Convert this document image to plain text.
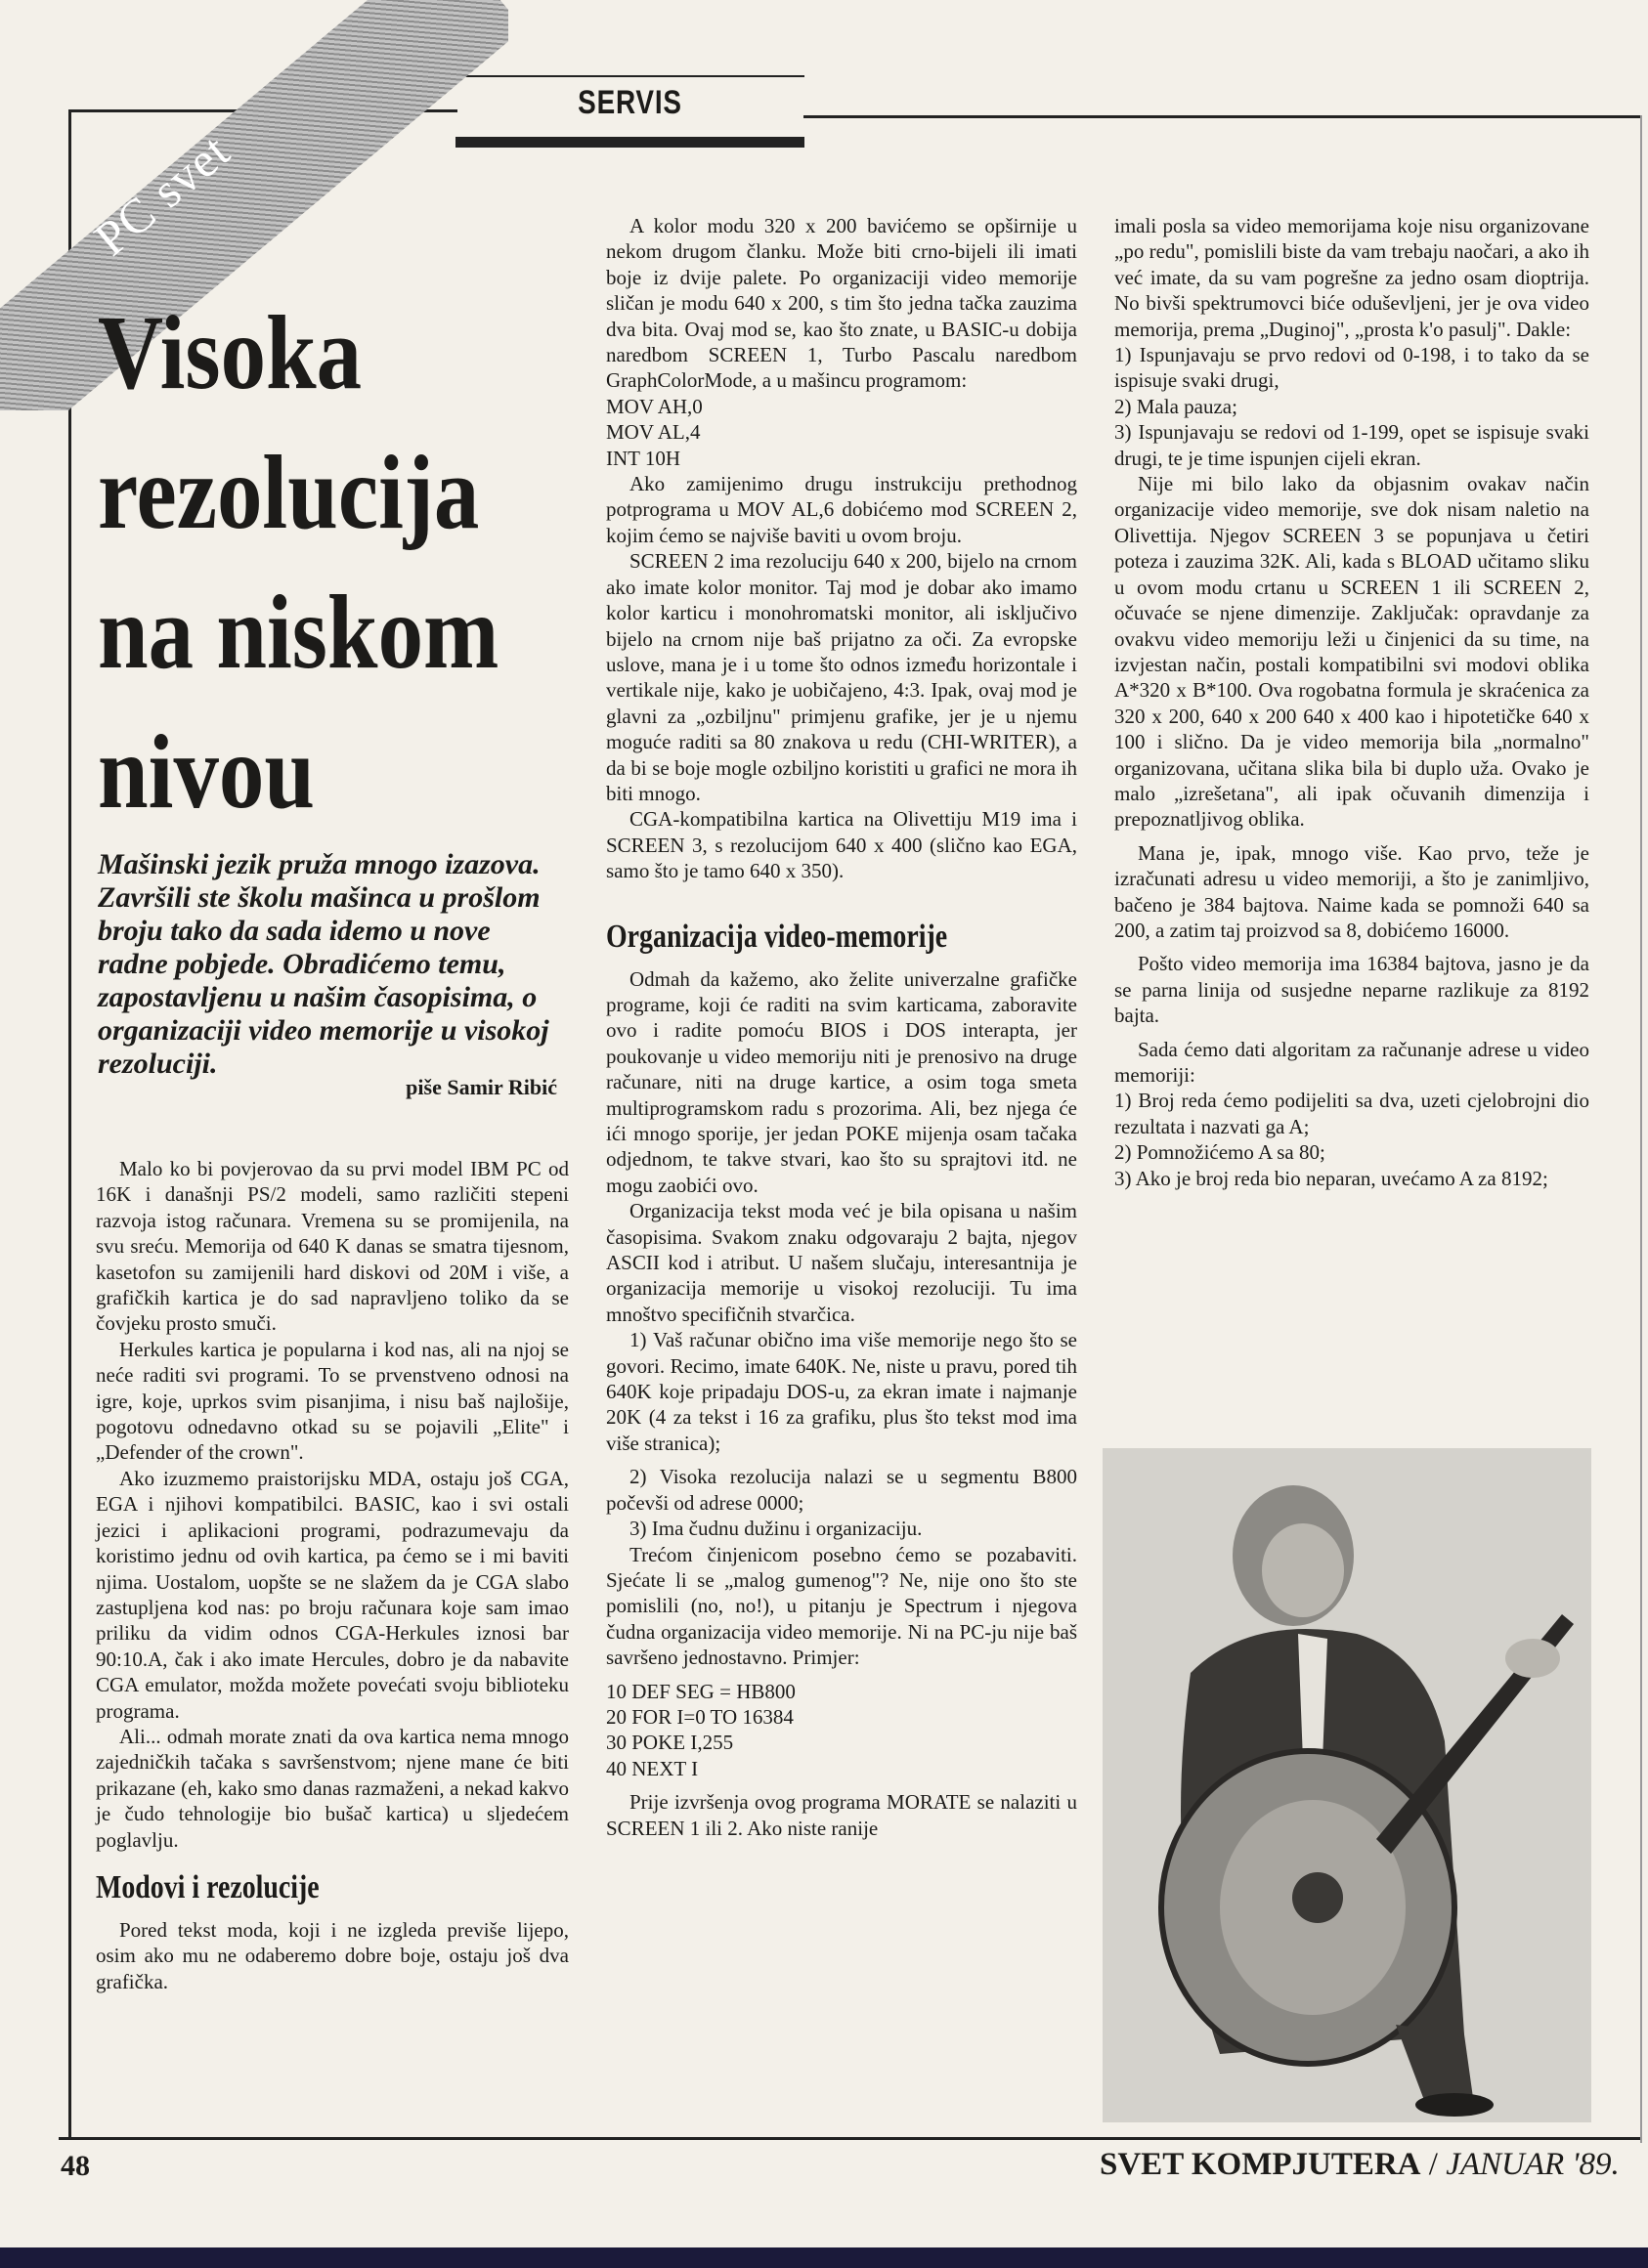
SERVIS
PC svet
Visoka
rezolucija
na niskom
nivou
Mašinski jezik pruža mnogo izazova. Završili ste školu mašinca u prošlom broju tako da sada idemo u nove radne pobjede. Obradićemo temu, zapostavljenu u našim časopisima, o organizaciji video memorije u visokoj rezoluciji.
piše Samir Ribić

Malo ko bi povjerovao da su prvi model IBM PC od 16K i današnji PS/2 modeli, samo različiti stepeni razvoja istog računara. Vremena su se promijenila, na svu sreću. Memorija od 640 K danas se smatra tijesnom, kasetofon su zamijenili hard diskovi od 20M i više, a grafičkih kartica je do sad napravljeno toliko da se čovjeku prosto smuči.

Herkules kartica je popularna i kod nas, ali na njoj se neće raditi svi programi. To se prvenstveno odnosi na igre, koje, uprkos svim pisanjima, i nisu baš najlošije, pogotovu odnedavno otkad su se pojavili „Elite" i „Defender of the crown".

Ako izuzmemo praistorijsku MDA, ostaju još CGA, EGA i njihovi kompatibilci. BASIC, kao i svi ostali jezici i aplikacioni programi, podrazumevaju da koristimo jednu od ovih kartica, pa ćemo se i mi baviti njima. Uostalom, uopšte se ne slažem da je CGA slabo zastupljena kod nas: po broju računara koje sam imao priliku da vidim odnos CGA-Herkules iznosi bar 90:10.A, čak i ako imate Hercules, dobro je da nabavite CGA emulator, možda možete povećati svoju biblioteku programa.

Ali... odmah morate znati da ova kartica nema mnogo zajedničkih tačaka s savršenstvom; njene mane će biti prikazane (eh, kako smo danas razmaženi, a nekad kakvo je čudo tehnologije bio bušač kartica) u sljedećem poglavlju.

Modovi i rezolucije

Pored tekst moda, koji i ne izgleda previše lijepo, osim ako mu ne odaberemo dobre boje, ostaju još dva grafička.

A kolor modu 320 x 200 bavićemo se opširnije u nekom drugom članku. Može biti crno-bijeli ili imati boje iz dvije palete. Po organizaciji video memorije sličan je modu 640 x 200, s tim što jedna tačka zauzima dva bita. Ovaj mod se, kao što znate, u BASIC-u dobija naredbom SCREEN 1, Turbo Pascalu naredbom GraphColorMode, a u mašincu programom:

MOV AH,0

MOV AL,4

INT 10H

Ako zamijenimo drugu instrukciju prethodnog potprograma u MOV AL,6 dobićemo mod SCREEN 2, kojim ćemo se najviše baviti u ovom broju.

SCREEN 2 ima rezoluciju 640 x 200, bijelo na crnom ako imate kolor monitor. Taj mod je dobar ako imamo kolor karticu i monohromatski monitor, ali isključivo bijelo na crnom nije baš prijatno za oči. Za evropske uslove, mana je i u tome što odnos između horizontale i vertikale nije, kako je uobičajeno, 4:3. Ipak, ovaj mod je glavni za „ozbiljnu" primjenu grafike, jer je u njemu moguće raditi sa 80 znakova u redu (CHI-WRITER), a da bi se boje mogle ozbiljno koristiti u grafici ne mora ih biti mnogo.

CGA-kompatibilna kartica na Olivettiju M19 ima i SCREEN 3, s rezolucijom 640 x 400 (slično kao EGA, samo što je tamo 640 x 350).

Organizacija video-memorije

Odmah da kažemo, ako želite univerzalne grafičke programe, koji će raditi na svim karticama, zaboravite ovo i radite pomoću BIOS i DOS interapta, jer poukovanje u video memoriju niti je prenosivo na druge računare, niti na druge kartice, a osim toga smeta multiprogramskom radu s prozorima. Ali, bez njega će ići mnogo sporije, jer jedan POKE mijenja osam tačaka odjednom, te takve stvari, kao što su sprajtovi itd. ne mogu zaobići ovo.

Organizacija tekst moda već je bila opisana u našim časopisima. Svakom znaku odgovaraju 2 bajta, njegov ASCII kod i atribut. U našem slučaju, interesantnija je organizacija memorije u visokoj rezoluciji. Tu ima mnoštvo specifičnih stvarčica.

1) Vaš računar obično ima više memorije nego što se govori. Recimo, imate 640K. Ne, niste u pravu, pored tih 640K koje pripadaju DOS-u, za ekran imate i najmanje 20K (4 za tekst i 16 za grafiku, plus što tekst mod ima više stranica);

2) Visoka rezolucija nalazi se u segmentu B800 počevši od adrese 0000;

3) Ima čudnu dužinu i organizaciju.

Trećom činjenicom posebno ćemo se pozabaviti. Sjećate li se „malog gumenog"? Ne, nije ono što ste pomislili (no, no!), u pitanju je Spectrum i njegova čudna organizacija video memorije. Ni na PC-ju nije baš savršeno jednostavno. Primjer:

10 DEF SEG = HB800

20 FOR I=0 TO 16384

30 POKE I,255

40 NEXT I

Prije izvršenja ovog programa MORATE se nalaziti u SCREEN 1 ili 2. Ako niste ranije

imali posla sa video memorijama koje nisu organizovane „po redu", pomislili biste da vam trebaju naočari, a ako ih već imate, da su vam pogrešne za jedno osam dioptrija. No bivši spektrumovci biće oduševljeni, jer je ova video memorija, prema „Duginoj", „prosta k'o pasulj". Dakle:

1) Ispunjavaju se prvo redovi od 0-198, i to tako da se ispisuje svaki drugi,

2) Mala pauza;

3) Ispunjavaju se redovi od 1-199, opet se ispisuje svaki drugi, te je time ispunjen cijeli ekran.

Nije mi bilo lako da objasnim ovakav način organizacije video memorije, sve dok nisam naletio na Olivettija. Njegov SCREEN 3 se popunjava u četiri poteza i zauzima 32K. Ali, kada s BLOAD učitamo sliku u ovom modu crtanu u SCREEN 1 ili SCREEN 2, očuvaće se njene dimenzije. Zaključak: opravdanje za ovakvu video memoriju leži u činjenici da su time, na izvjestan način, postali kompatibilni svi modovi oblika A*320 x B*100. Ova rogobatna formula je skraćenica za 320 x 200, 640 x 200 640 x 400 kao i hipotetičke 640 x 100 i slično. Da je video memorija bila „normalno" organizovana, učitana slika bila bi duplo uža. Ovako je malo „izrešetana", ali ipak očuvanih dimenzija i prepoznatljivog oblika.

Mana je, ipak, mnogo više. Kao prvo, teže je izračunati adresu u video memoriji, a što je zanimljivo, bačeno je 384 bajtova. Naime kada se pomnoži 640 sa 200, a zatim taj proizvod sa 8, dobićemo 16000.

Pošto video memorija ima 16384 bajtova, jasno je da se parna linija od susjedne neparne razlikuje za 8192 bajta.

Sada ćemo dati algoritam za računanje adrese u video memoriji:

1) Broj reda ćemo podijeliti sa dva, uzeti cjelobrojni dio rezultata i nazvati ga A;

2) Pomnožićemo A sa 80;

3) Ako je broj reda bio neparan, uvećamo A za 8192;

48	SVET KOMPJUTERA / JANUAR '89.
